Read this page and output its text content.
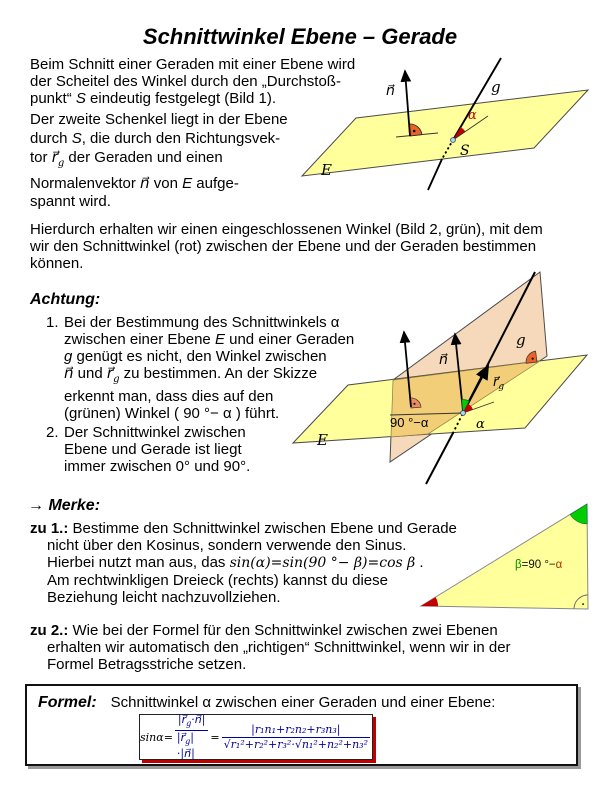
Schnittwinkel Ebene – Gerade
Beim Schnitt einer Geraden mit einer Ebene wird
der Scheitel des Winkel durch den „Durchstoß-
punkt“ S eindeutig festgelegt (Bild 1).
Der zweite Schenkel liegt in der Ebene
durch S, die durch den Richtungsvek-
tor $r⃗_g$ der Geraden und einen
Normalenvektor n⃗ von E aufge-
spannt wird.
n⃗	g
α
S
E
Hierdurch erhalten wir einen eingeschlossenen Winkel (Bild 2, grün), mit dem
wir den Schnittwinkel (rot) zwischen der Ebene und der Geraden bestimmen
können.
Achtung:
1. Bei der Bestimmung des Schnittwinkels α
zwischen einer Ebene E und einer Geraden
g genügt es nicht, den Winkel zwischen
n⃗ und $r⃗_g$ zu bestimmen. An der Skizze
erkennt man, dass dies auf den
(grünen) Winkel ( 90 °− α ) führt.
2. Der Schnittwinkel zwischen
Ebene und Gerade ist liegt
immer zwischen 0° und 90°.
n⃗
g
90 °−α	α
$r⃗_g$
E
→ Merke:
zu 1.: Bestimme den Schnittwinkel zwischen Ebene und Gerade
nicht über den Kosinus, sondern verwende den Sinus.
Hierbei nutzt man aus, das sin(α)=sin(90 °− β)=cos β .
Am rechtwinkligen Dreieck (rechts) kannst du diese
Beziehung leicht nachzuvollziehen.
β=90 °−α
zu 2.: Wie bei der Formel für den Schnittwinkel zwischen zwei Ebenen
erhalten wir automatisch den „richtigen“ Schnittwinkel, wenn wir in der
Formel Betragsstriche setzen.
Formel: Schnittwinkel α zwischen einer Geraden und einer Ebene:
$\sin\alpha= \frac{|r⃗_g\cdot n⃗|}{|r⃗_g|\cdot|n⃗|} = \frac{\text{|r₁n₁+r₂n₂+r₃n₃|}}{\text{√r₁²+r₂²+r₃²·√n₁²+n₂²+n₃²}}$
